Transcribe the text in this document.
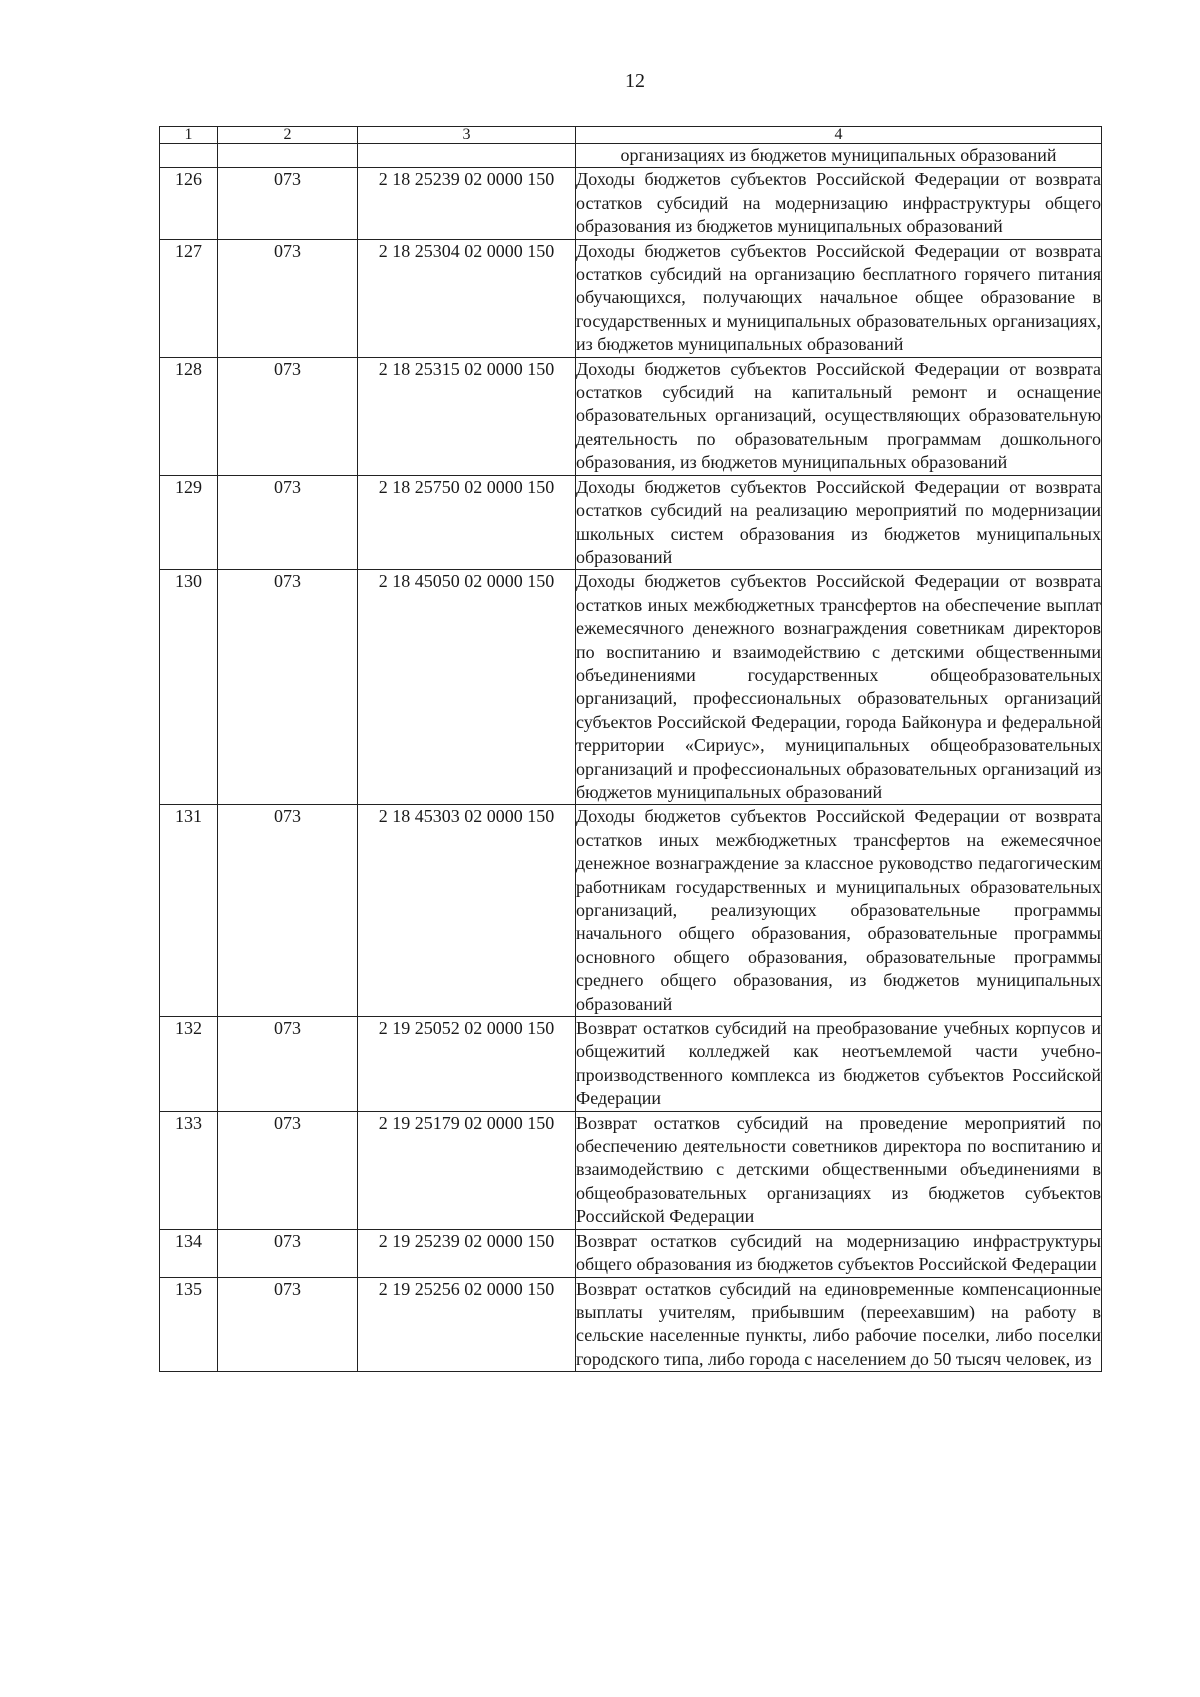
12
1	2	3	4
			организациях из бюджетов муниципальных образований
126	073	2 18 25239 02 0000 150	Доходы бюджетов субъектов Российской Федерации от возврата остатков субсидий на модернизацию инфраструктуры общего образования из бюджетов муниципальных образований
127	073	2 18 25304 02 0000 150	Доходы бюджетов субъектов Российской Федерации от возврата остатков субсидий на организацию бесплатного горячего питания обучающихся, получающих начальное общее образование в государственных и муниципальных образовательных организациях, из бюджетов муниципальных образований
128	073	2 18 25315 02 0000 150	Доходы бюджетов субъектов Российской Федерации от возврата остатков субсидий на капитальный ремонт и оснащение образовательных организаций, осуществляющих образовательную деятельность по образовательным программам дошкольного образования, из бюджетов муниципальных образований
129	073	2 18 25750 02 0000 150	Доходы бюджетов субъектов Российской Федерации от возврата остатков субсидий на реализацию мероприятий по модернизации школьных систем образования из бюджетов муниципальных образований
130	073	2 18 45050 02 0000 150	Доходы бюджетов субъектов Российской Федерации от возврата остатков иных межбюджетных трансфертов на обеспечение выплат ежемесячного денежного вознаграждения советникам директоров по воспитанию и взаимодействию с детскими общественными объединениями государственных общеобразовательных организаций, профессиональных образовательных организаций субъектов Российской Федерации, города Байконура и федеральной территории «Сириус», муниципальных общеобразовательных организаций и профессиональных образовательных организаций из бюджетов муниципальных образований
131	073	2 18 45303 02 0000 150	Доходы бюджетов субъектов Российской Федерации от возврата остатков иных межбюджетных трансфертов на ежемесячное денежное вознаграждение за классное руководство педагогическим работникам государственных и муниципальных образовательных организаций, реализующих образовательные программы начального общего образования, образовательные программы основного общего образования, образовательные программы среднего общего образования, из бюджетов муниципальных образований
132	073	2 19 25052 02 0000 150	Возврат остатков субсидий на преобразование учебных корпусов и общежитий колледжей как неотъемлемой части учебно-производственного комплекса из бюджетов субъектов Российской Федерации
133	073	2 19 25179 02 0000 150	Возврат остатков субсидий на проведение мероприятий по обеспечению деятельности советников директора по воспитанию и взаимодействию с детскими общественными объединениями в общеобразовательных организациях из бюджетов субъектов Российской Федерации
134	073	2 19 25239 02 0000 150	Возврат остатков субсидий на модернизацию инфраструктуры общего образования из бюджетов субъектов Российской Федерации
135	073	2 19 25256 02 0000 150	Возврат остатков субсидий на единовременные компенсационные выплаты учителям, прибывшим (переехавшим) на работу в сельские населенные пункты, либо рабочие поселки, либо поселки городского типа, либо города с населением до 50 тысяч человек, из
